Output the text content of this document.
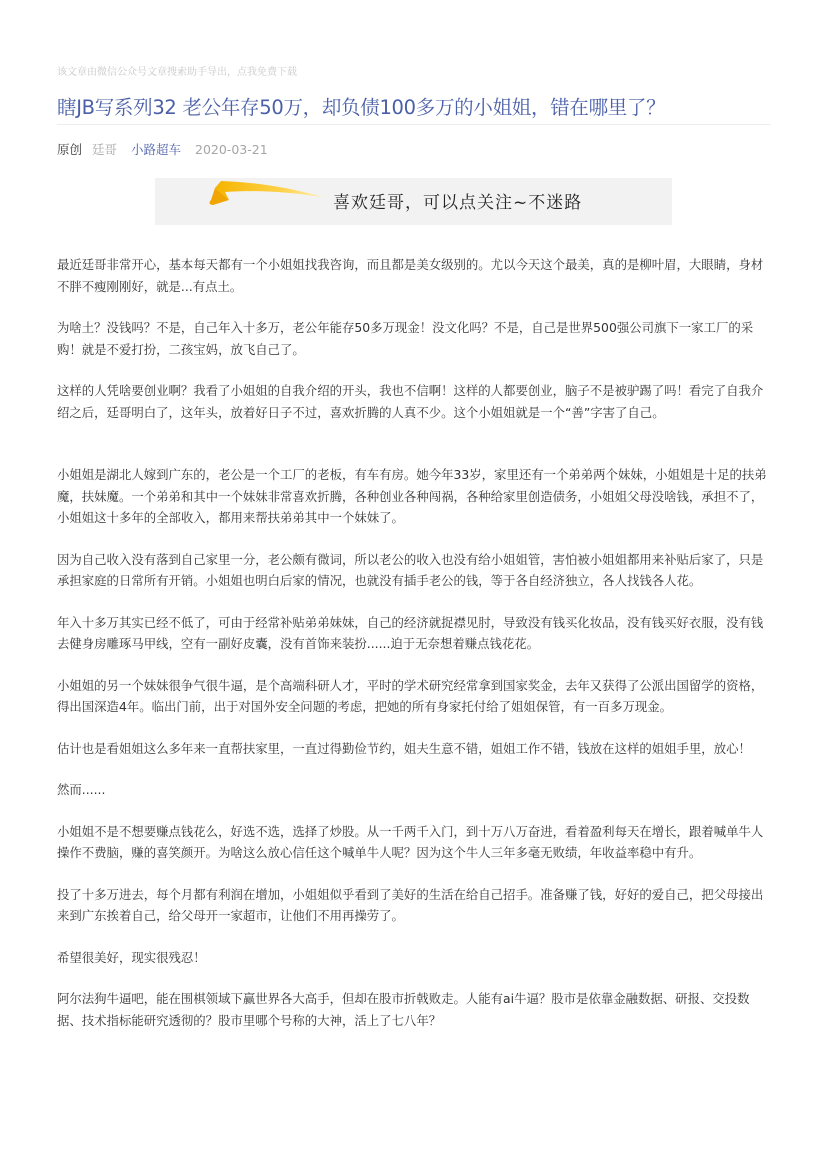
该文章由微信公众号文章搜索助手导出，点我免费下载
瞎JB写系列32 老公年存50万，却负债100多万的小姐姐，错在哪里了？
原创 廷哥 小路超车 2020-03-21
喜欢廷哥，可以点关注~不迷路

最近廷哥非常开心，基本每天都有一个小姐姐找我咨询，而且都是美女级别的。尤以今天这个最美，真的是柳叶眉，大眼睛，身材不胖不瘦刚刚好，就是...有点土。

为啥土？没钱吗？不是，自己年入十多万，老公年能存50多万现金！没文化吗？不是，自己是世界500强公司旗下一家工厂的采购！就是不爱打扮，二孩宝妈，放飞自己了。

这样的人凭啥要创业啊？我看了小姐姐的自我介绍的开头，我也不信啊！这样的人都要创业，脑子不是被驴踢了吗！看完了自我介绍之后，廷哥明白了，这年头，放着好日子不过，喜欢折腾的人真不少。这个小姐姐就是一个“善”字害了自己。

小姐姐是湖北人嫁到广东的，老公是一个工厂的老板，有车有房。她今年33岁，家里还有一个弟弟两个妹妹，小姐姐是十足的扶弟魔，扶妹魔。一个弟弟和其中一个妹妹非常喜欢折腾，各种创业各种闯祸，各种给家里创造债务，小姐姐父母没啥钱，承担不了，小姐姐这十多年的全部收入，都用来帮扶弟弟其中一个妹妹了。

因为自己收入没有落到自己家里一分，老公颇有微词，所以老公的收入也没有给小姐姐管，害怕被小姐姐都用来补贴后家了，只是承担家庭的日常所有开销。小姐姐也明白后家的情况，也就没有插手老公的钱，等于各自经济独立，各人找钱各人花。

年入十多万其实已经不低了，可由于经常补贴弟弟妹妹，自己的经济就捉襟见肘，导致没有钱买化妆品，没有钱买好衣服，没有钱去健身房雕琢马甲线，空有一副好皮囊，没有首饰来装扮......迫于无奈想着赚点钱花花。

小姐姐的另一个妹妹很争气很牛逼，是个高端科研人才，平时的学术研究经常拿到国家奖金，去年又获得了公派出国留学的资格，得出国深造4年。临出门前，出于对国外安全问题的考虑，把她的所有身家托付给了姐姐保管，有一百多万现金。

估计也是看姐姐这么多年来一直帮扶家里，一直过得勤俭节约，姐夫生意不错，姐姐工作不错，钱放在这样的姐姐手里，放心！

然而......

小姐姐不是不想要赚点钱花么，好选不选，选择了炒股。从一千两千入门，到十万八万奋进，看着盈利每天在增长，跟着喊单牛人操作不费脑，赚的喜笑颜开。为啥这么放心信任这个喊单牛人呢？因为这个牛人三年多毫无败绩，年收益率稳中有升。

投了十多万进去，每个月都有利润在增加，小姐姐似乎看到了美好的生活在给自己招手。准备赚了钱，好好的爱自己，把父母接出来到广东挨着自己，给父母开一家超市，让他们不用再操劳了。

希望很美好，现实很残忍！

阿尔法狗牛逼吧，能在围棋领域下赢世界各大高手，但却在股市折戟败走。人能有ai牛逼？股市是依靠金融数据、研报、交投数据、技术指标能研究透彻的？股市里哪个号称的大神，活上了七八年？
